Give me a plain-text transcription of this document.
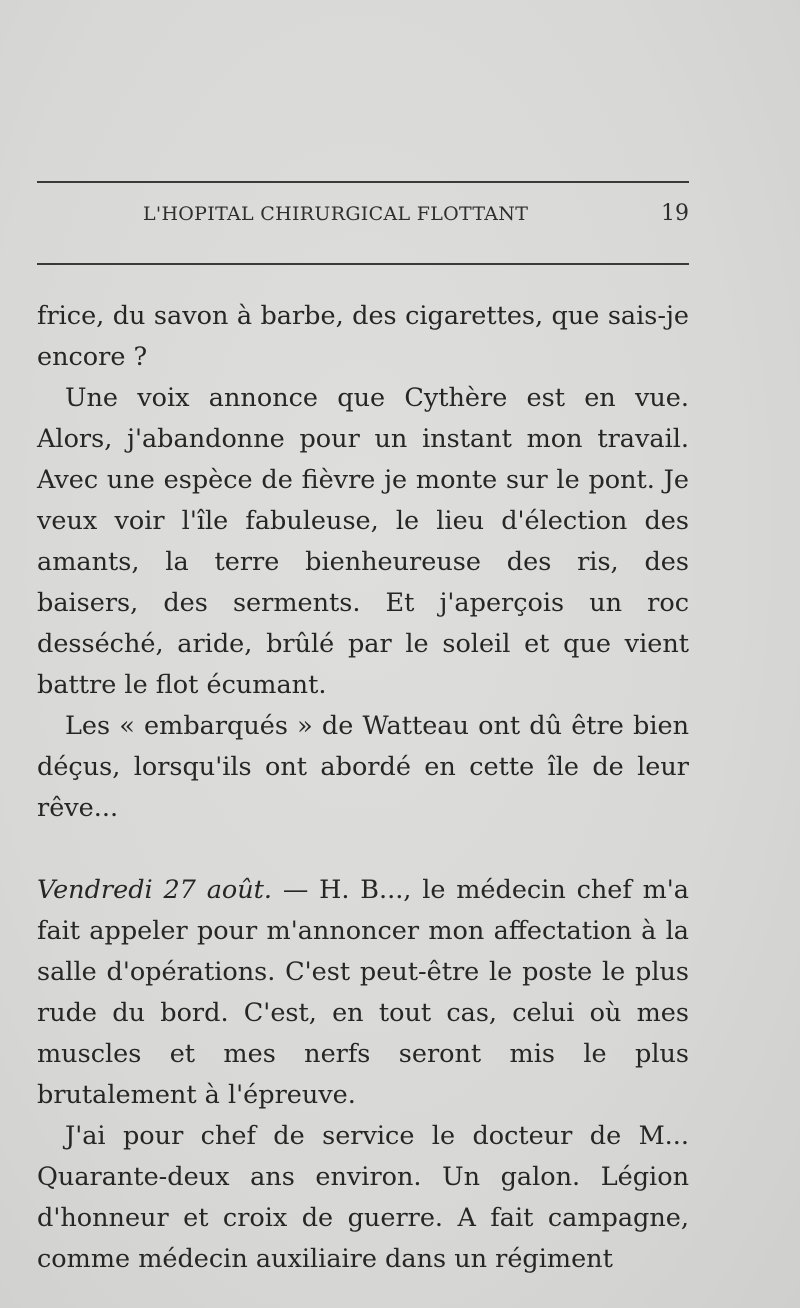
L'HOPITAL CHIRURGICAL FLOTTANT	19

frice, du savon à barbe, des cigarettes, que sais-je encore ?

Une voix annonce que Cythère est en vue. Alors, j'abandonne pour un instant mon travail. Avec une espèce de fièvre je monte sur le pont. Je veux voir l'île fabuleuse, le lieu d'élection des amants, la terre bienheureuse des ris, des baisers, des serments. Et j'aperçois un roc desséché, aride, brûlé par le soleil et que vient battre le flot écumant.

Les « embarqués » de Watteau ont dû être bien déçus, lorsqu'ils ont abordé en cette île de leur rêve...

Vendredi 27 août. — H. B..., le médecin chef m'a fait appeler pour m'annoncer mon affectation à la salle d'opérations. C'est peut-être le poste le plus rude du bord. C'est, en tout cas, celui où mes muscles et mes nerfs seront mis le plus brutalement à l'épreuve.

J'ai pour chef de service le docteur de M... Quarante-deux ans environ. Un galon. Légion d'honneur et croix de guerre. A fait campagne, comme médecin auxiliaire dans un régiment
